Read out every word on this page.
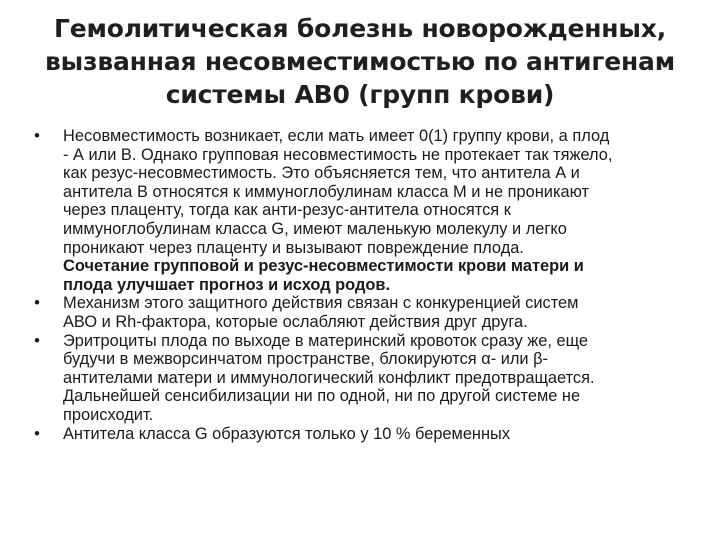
Гемолитическая болезнь новорожденных,
вызванная несовместимостью по антигенам
системы АВ0 (групп крови)
• Несовместимость возникает, если мать имеет 0(1) группу крови, а плод
- А или В. Однако групповая несовместимость не протекает так тяжело,
как резус-несовместимость. Это объясняется тем, что антитела А и
антитела В относятся к иммуноглобулинам класса М и не проникают
через плаценту, тогда как анти-резус-антитела относятся к
иммуноглобулинам класса G, имеют маленькую молекулу и легко
проникают через плаценту и вызывают повреждение плода.
Сочетание групповой и резус-несовместимости крови матери и
плода улучшает прогноз и исход родов.
• Механизм этого защитного действия связан с конкуренцией систем
АВО и Rh-фактора, которые ослабляют действия друг друга.
• Эритроциты плода по выходе в материнский кровоток сразу же, еще
будучи в межворсинчатом пространстве, блокируются α- или β-
антителами матери и иммунологический конфликт предотвращается.
Дальнейшей сенсибилизации ни по одной, ни по другой системе не
происходит.
• Антитела класса G образуются только у 10 % беременных
